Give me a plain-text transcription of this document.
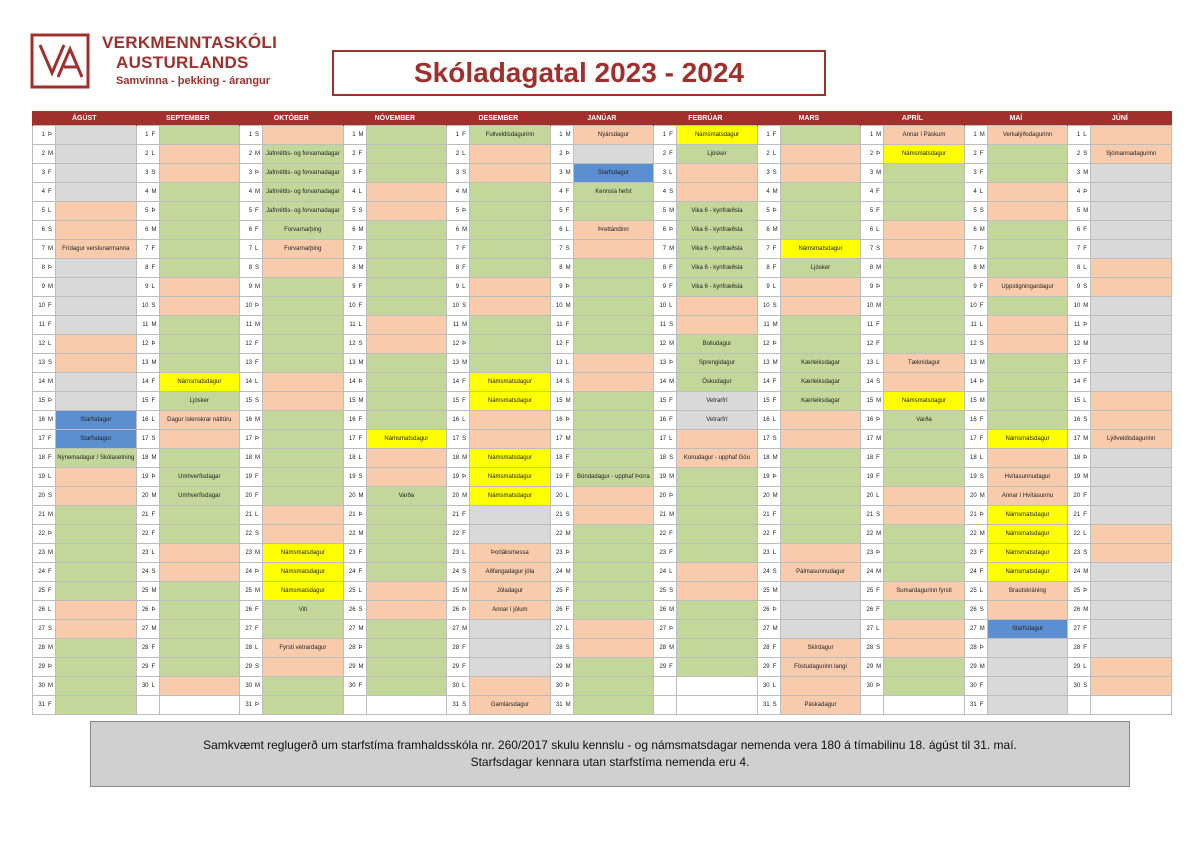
VERKMENNTASKÓLI
AUSTURLANDS
Samvinna - þekking - árangur	Skóladagatal 2023 - 2024
ÁGÚST		SEPTEMBER		OKTÓBER		NÓVEMBER		DESEMBER		JANÚAR		FEBRÚAR		MARS		APRÍL		MAÍ		JÚNÍ	
1 Þ		1 F		1 S		1 M		1 F	Fullveldisdagurinn	1 M	Nýársdagur	1 F	Námsmatsdagur	1 F		1 M	Annar í Páskum	1 M	Verkalýðsdagurinn	1 L	
2 M		2 L		2 M	Jafnréttis- og forvarnadagar	2 F		2 L		2 Þ		2 F	Ljósker	2 L		2 Þ	Námsmatsdagur	2 F		2 S	Sjómannadagurinn
3 F		3 S		3 Þ	Jafnréttis- og forvarnadagar	3 F		3 S		3 M	Starfsdagur	3 L		3 S		3 M		3 F		3 M	
4 F		4 M		4 M	Jafnréttis- og forvarnadagar	4 L		4 M		4 F	Kennsla hefst	4 S		4 M		4 F		4 L		4 Þ	
5 L		5 Þ		5 F	Jafnréttis- og forvarnadagar	5 S		5 Þ		5 F		5 M	Vika 6 - kynfræðsla	5 Þ		5 F		5 S		5 M	
6 S		6 M		6 F	Forvarnarþing	6 M		6 M		6 L	Þrettándinn	6 Þ	Vika 6 - kynfræðsla	6 M		6 L		6 M		6 F	
7 M	Frídagur verslunarmanna	7 F		7 L	Forvarnarþing	7 Þ		7 F		7 S		7 M	Vika 6 - kynfræðsla	7 F	Námsmatsdagur	7 S		7 Þ		7 F	
8 Þ		8 F		8 S		8 M		8 F		8 M		8 F	Vika 6 - kynfræðsla	8 F	Ljósker	8 M		8 M		8 L	
9 M		9 L		9 M		9 F		9 L		9 Þ		9 F	Vika 6 - kynfræðsla	9 L		9 Þ		9 F	Uppstigningardagur	9 S	
10 F		10 S		10 Þ		10 F		10 S		10 M		10 L		10 S		10 M		10 F		10 M	
11 F		11 M		11 M		11 L		11 M		11 F		11 S		11 M		11 F		11 L		11 Þ	
12 L		12 Þ		12 F		12 S		12 Þ		12 F		12 M	Bolludagur	12 Þ		12 F		12 S		12 M	
13 S		13 M		13 F		13 M		13 M		13 L		13 Þ	Sprengidagur	13 M	Kærleiksdagar	13 L	Tæknidagur	13 M		13 F	
14 M		14 F	Námsmatsdagur	14 L		14 Þ		14 F	Námsmatsdagur	14 S		14 M	Öskudagur	14 F	Kærleiksdagar	14 S		14 Þ		14 F	
15 Þ		15 F	Ljósker	15 S		15 M		15 F	Námsmatsdagur	15 M		15 F	Vetrarfrí	15 F	Kærleiksdagar	15 M	Námsmatsdagur	15 M		15 L	
16 M	Starfsdagur	16 L	Dagur íslenskrar náttúru	16 M		16 F		16 L		16 Þ		16 F	Vetrarfrí	16 L		16 Þ	Varða	16 F		16 S	
17 F	Starfsdagur	17 S		17 Þ		17 F	Námsmatsdagur	17 S		17 M		17 L		17 S		17 M		17 F	Námsmatsdagur	17 M	Lýðveldisdagurinn
18 F	Nýnemadagur / Skólasetning	18 M		18 M		18 L		18 M	Námsmatsdagur	18 F		18 S	Konudagur - upphaf Góu	18 M		18 F		18 L		18 Þ	
19 L		19 Þ	Umhverfisdagar	19 F		19 S		19 Þ	Námsmatsdagur	19 F	Bóndadagur - upphaf Þorra	19 M		19 Þ		19 F		19 S	Hvítasunnudagur	19 M	
20 S		20 M	Umhverfisdagar	20 F		20 M	Varða	20 M	Námsmatsdagur	20 L		20 Þ		20 M		20 L		20 M	Annar í Hvítasunnu	20 F	
21 M		21 F		21 L		21 Þ		21 F		21 S		21 M		21 F		21 S		21 Þ	Námsmatsdagur	21 F	
22 Þ		22 F		22 S		22 M		22 F		22 M		22 F		22 F		22 M		22 M	Námsmatsdagur	22 L	
23 M		23 L		23 M	Námsmatsdagur	23 F		23 L	Þorláksmessa	23 Þ		23 F		23 L		23 Þ		23 F	Námsmatsdagur	23 S	
24 F		24 S		24 Þ	Námsmatsdagur	24 F		24 S	Aðfangadagur jóla	24 M		24 L		24 S	Pálmasunnudagur	24 M		24 F	Námsmatsdagur	24 M	
25 F		25 M		25 M	Námsmatsdagur	25 L		25 M	Jóladagur	25 F		25 S		25 M		25 F	Sumardagurinn fyrsti	25 L	Brautskráning	25 Þ	
26 L		26 Þ		26 F	Viti	26 S		26 Þ	Annar í jólum	26 F		26 M		26 Þ		26 F		26 S		26 M	
27 S		27 M		27 F		27 M		27 M		27 L		27 Þ		27 M		27 L		27 M	Starfsdagur	27 F	
28 M		28 F		28 L	Fyrsti vetrardagur	28 Þ		28 F		28 S		28 M		28 F	Skírdagur	28 S		28 Þ		28 F	
29 Þ		29 F		29 S		29 M		29 F		29 M		29 F		29 F	Föstudagurinn langi	29 M		29 M		29 L	
30 M		30 L		30 M		30 F		30 L		30 Þ				30 L		30 Þ		30 F		30 S	
31 F				31 Þ				31 S	Gamlársdagur	31 M				31 S	Páskadagur			31 F			
Samkvæmt reglugerð um starfstíma framhaldsskóla nr. 260/2017 skulu kennslu - og námsmatsdagar nemenda vera 180 á tímabilinu 18. ágúst til 31. maí.
Starfsdagar kennara utan starfstíma nemenda eru 4.
